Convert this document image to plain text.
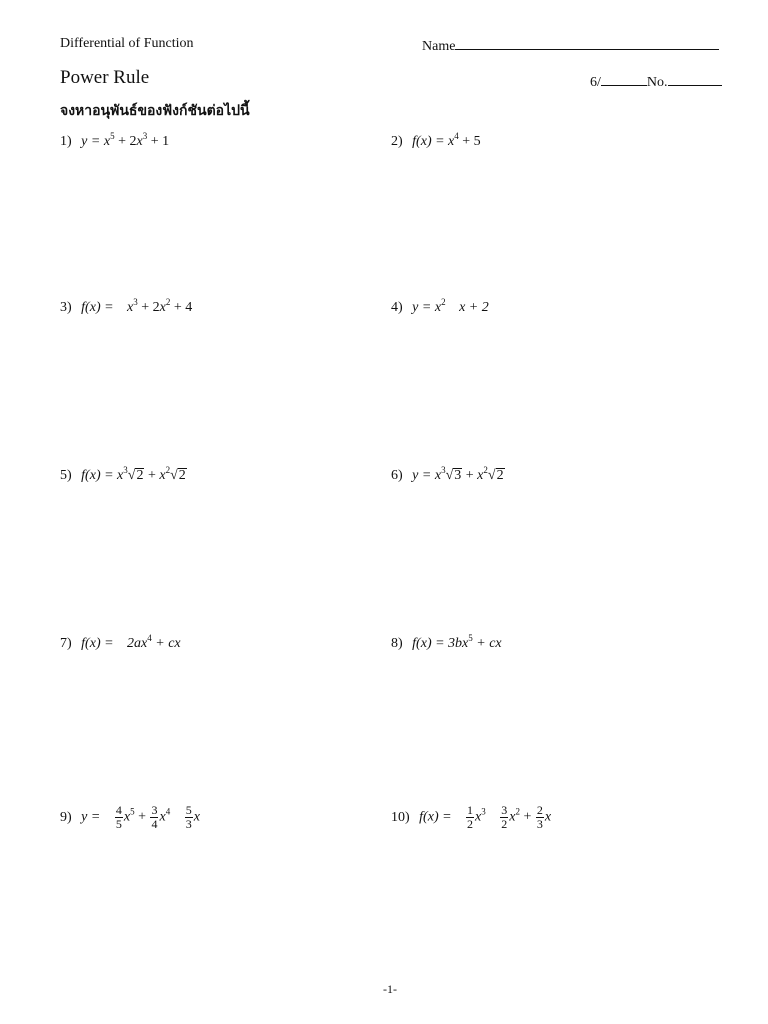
Differential of Function	Name
Power Rule	6/	No.
จงหาอนุพันธ์ของฟังก์ชันต่อไปนี้
1) $y = x^5 + 2x^3 + 1$	2) $f(x) = x^4 + 5$
3) $f(x) = x^3 + 2x^2 + 4$	4) $y = x^2$ x + 2
5) $f(x) = x^3√2 + x^2√2$	6) $y = x^3√3 + x^2√2$
7) $f(x) = 2ax^4$ + cx	8) $f(x) = 3bx^5$ + cx
9) $y = \frac{4}{5} x^5 + \frac{3}{4} x^4 \frac{5}{3}$ x	10) $f(x) = \frac{1}{2} x^3 \frac{3}{2} x^2 + \frac{2}{3}$ x
-1-
